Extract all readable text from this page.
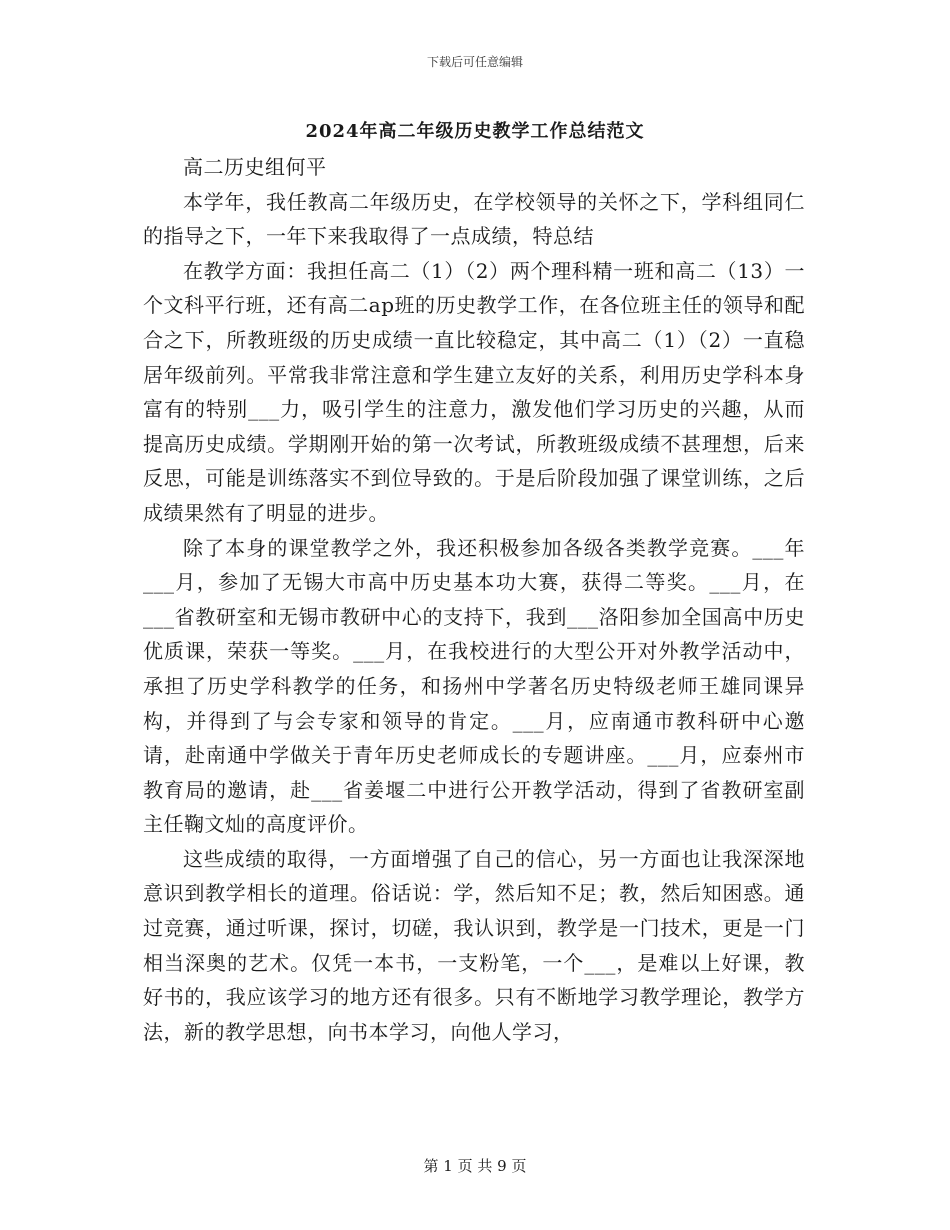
下载后可任意编辑
2024年高二年级历史教学工作总结范文

高二历史组何平

本学年，我任教高二年级历史，在学校领导的关怀之下，学科组同仁的指导之下，一年下来我取得了一点成绩，特总结

在教学方面：我担任高二（1）（2）两个理科精一班和高二（13）一个文科平行班，还有高二ap班的历史教学工作，在各位班主任的领导和配合之下，所教班级的历史成绩一直比较稳定，其中高二（1）（2）一直稳居年级前列。平常我非常注意和学生建立友好的关系，利用历史学科本身富有的特别___力，吸引学生的注意力，激发他们学习历史的兴趣，从而提高历史成绩。学期刚开始的第一次考试，所教班级成绩不甚理想，后来反思，可能是训练落实不到位导致的。于是后阶段加强了课堂训练，之后成绩果然有了明显的进步。

除了本身的课堂教学之外，我还积极参加各级各类教学竞赛。___年___月，参加了无锡大市高中历史基本功大赛，获得二等奖。___月，在___省教研室和无锡市教研中心的支持下，我到___洛阳参加全国高中历史优质课，荣获一等奖。___月，在我校进行的大型公开对外教学活动中，承担了历史学科教学的任务，和扬州中学著名历史特级老师王雄同课异构，并得到了与会专家和领导的肯定。___月，应南通市教科研中心邀请，赴南通中学做关于青年历史老师成长的专题讲座。___月，应泰州市教育局的邀请，赴___省姜堰二中进行公开教学活动，得到了省教研室副主任鞠文灿的高度评价。

这些成绩的取得，一方面增强了自己的信心，另一方面也让我深深地意识到教学相长的道理。俗话说：学，然后知不足；教，然后知困惑。通过竞赛，通过听课，探讨，切磋，我认识到，教学是一门技术，更是一门相当深奥的艺术。仅凭一本书，一支粉笔，一个___，是难以上好课，教好书的，我应该学习的地方还有很多。只有不断地学习教学理论，教学方法，新的教学思想，向书本学习，向他人学习，

第 1 页 共 9 页
